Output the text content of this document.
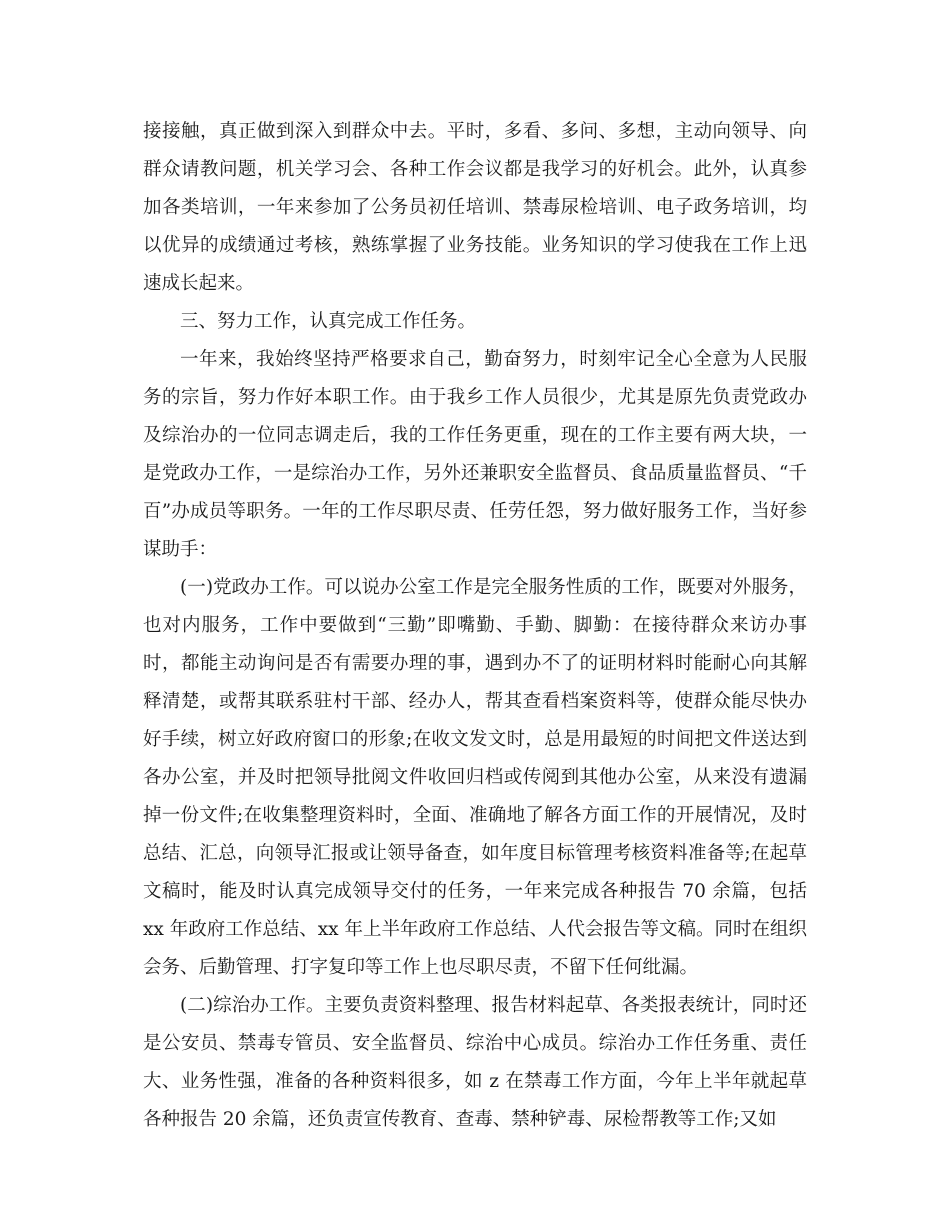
接接触，真正做到深入到群众中去。平时，多看、多问、多想，主动向领导、向群众请教问题，机关学习会、各种工作会议都是我学习的好机会。此外，认真参加各类培训，一年来参加了公务员初任培训、禁毒尿检培训、电子政务培训，均以优异的成绩通过考核，熟练掌握了业务技能。业务知识的学习使我在工作上迅速成长起来。

三、努力工作，认真完成工作任务。

一年来，我始终坚持严格要求自己，勤奋努力，时刻牢记全心全意为人民服务的宗旨，努力作好本职工作。由于我乡工作人员很少，尤其是原先负责党政办及综治办的一位同志调走后，我的工作任务更重，现在的工作主要有两大块，一是党政办工作，一是综治办工作，另外还兼职安全监督员、食品质量监督员、“千百”办成员等职务。一年的工作尽职尽责、任劳任怨，努力做好服务工作，当好参谋助手：

(一)党政办工作。可以说办公室工作是完全服务性质的工作，既要对外服务，也对内服务，工作中要做到“三勤”即嘴勤、手勤、脚勤：在接待群众来访办事时，都能主动询问是否有需要办理的事，遇到办不了的证明材料时能耐心向其解释清楚，或帮其联系驻村干部、经办人，帮其查看档案资料等，使群众能尽快办好手续，树立好政府窗口的形象;在收文发文时，总是用最短的时间把文件送达到各办公室，并及时把领导批阅文件收回归档或传阅到其他办公室，从来没有遗漏掉一份文件;在收集整理资料时，全面、准确地了解各方面工作的开展情况，及时总结、汇总，向领导汇报或让领导备查，如年度目标管理考核资料准备等;在起草文稿时，能及时认真完成领导交付的任务，一年来完成各种报告 70 余篇，包括 xx 年政府工作总结、xx 年上半年政府工作总结、人代会报告等文稿。同时在组织会务、后勤管理、打字复印等工作上也尽职尽责，不留下任何纰漏。

(二)综治办工作。主要负责资料整理、报告材料起草、各类报表统计，同时还是公安员、禁毒专管员、安全监督员、综治中心成员。综治办工作任务重、责任大、业务性强，准备的各种资料很多，如 z 在禁毒工作方面，今年上半年就起草各种报告 20 余篇，还负责宣传教育、查毒、禁种铲毒、尿检帮教等工作;又如
